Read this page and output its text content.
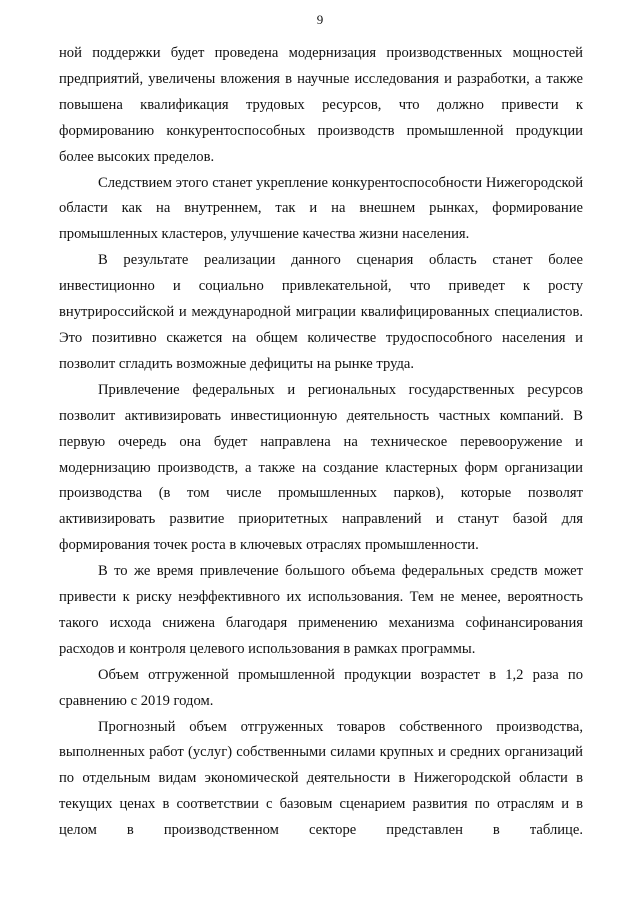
9

ной поддержки будет проведена модернизация производственных мощностей предприятий, увеличены вложения в научные исследования и разработки, а также повышена квалификация трудовых ресурсов, что должно привести к формированию конкурентоспособных производств промышленной продукции более высоких пределов.

Следствием этого станет укрепление конкурентоспособности Нижегородской области как на внутреннем, так и на внешнем рынках, формирование промышленных кластеров, улучшение качества жизни населения.

В результате реализации данного сценария область станет более инвестиционно и социально привлекательной, что приведет к росту внутрироссийской и международной миграции квалифицированных специалистов. Это позитивно скажется на общем количестве трудоспособного населения и позволит сгладить возможные дефициты на рынке труда.

Привлечение федеральных и региональных государственных ресурсов позволит активизировать инвестиционную деятельность частных компаний. В первую очередь она будет направлена на техническое перевооружение и модернизацию производств, а также на создание кластерных форм организации производства (в том числе промышленных парков), которые позволят активизировать развитие приоритетных направлений и станут базой для формирования точек роста в ключевых отраслях промышленности.

В то же время привлечение большого объема федеральных средств может привести к риску неэффективного их использования. Тем не менее, вероятность такого исхода снижена благодаря применению механизма софинансирования расходов и контроля целевого использования в рамках программы.

Объем отгруженной промышленной продукции возрастет в 1,2 раза по сравнению с 2019 годом.

Прогнозный объем отгруженных товаров собственного производства, выполненных работ (услуг) собственными силами крупных и средних организаций по отдельным видам экономической деятельности в Нижегородской области в текущих ценах в соответствии с базовым сценарием развития по отраслям и в целом в производственном секторе представлен в таблице.
